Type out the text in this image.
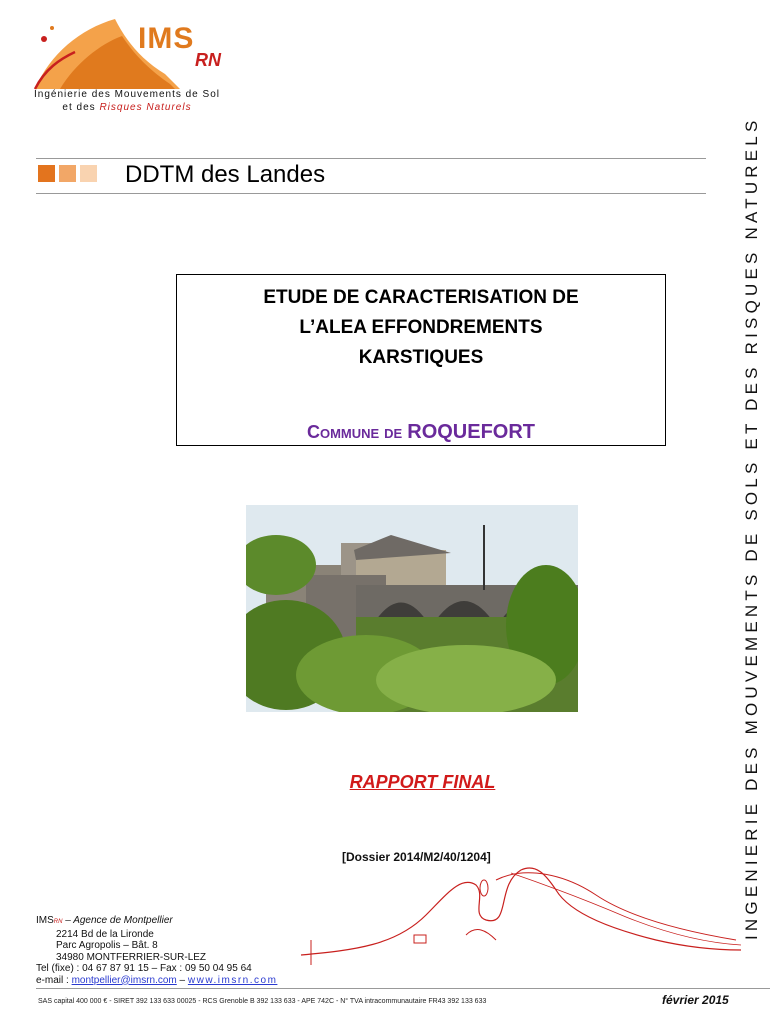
IMS
RN
Ingénierie des Mouvements de Sol
et des Risques Naturels
INGENIERIE DES MOUVEMENTS DE SOLS ET DES RISQUES NATURELS
DDTM des Landes
ETUDE DE CARACTERISATION DE
L’ALEA EFFONDREMENTS
KARSTIQUES
Commune de ROQUEFORT
RAPPORT FINAL
[Dossier 2014/M2/40/1204]
IMSRN – Agence de Montpellier
2214 Bd de la Lironde
Parc Agropolis – Bât. 8
34980 MONTFERRIER-SUR-LEZ
Tel (fixe) : 04 67 87 91 15 – Fax : 09 50 04 95 64
e-mail : montpellier@imsrn.com – www.imsrn.com
SAS capital 400 000 € - SIRET 392 133 633 00025 - RCS Grenoble B 392 133 633 - APE 742C - N° TVA intracommunautaire FR43 392 133 633	février 2015
